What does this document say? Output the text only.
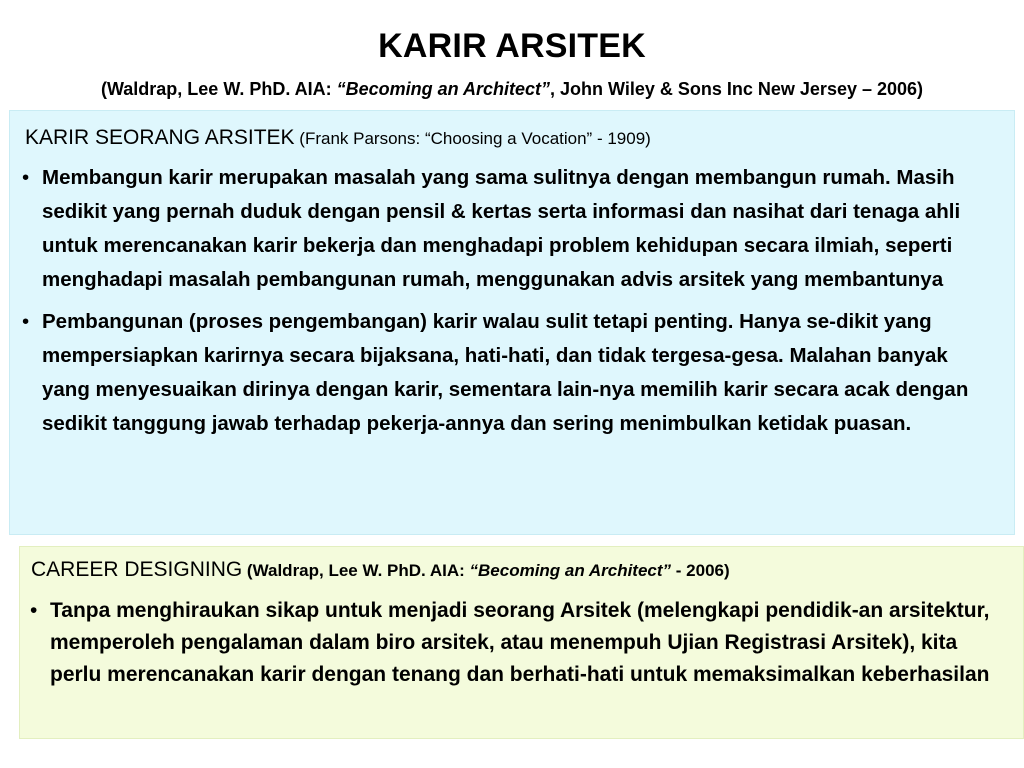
KARIR ARSITEK
(Waldrap, Lee W. PhD. AIA: “Becoming an Architect”, John Wiley & Sons Inc New Jersey – 2006)
KARIR SEORANG ARSITEK (Frank Parsons: “Choosing a Vocation” - 1909)
• Membangun karir merupakan masalah yang sama sulitnya dengan membangun rumah. Masih sedikit yang pernah duduk dengan pensil & kertas serta informasi dan nasihat dari tenaga ahli untuk merencanakan karir bekerja dan menghadapi problem kehidupan secara ilmiah, seperti menghadapi masalah pembangunan rumah, menggunakan advis arsitek yang membantunya
• Pembangunan (proses pengembangan) karir walau sulit tetapi penting. Hanya se-dikit yang mempersiapkan karirnya secara bijaksana, hati-hati, dan tidak tergesa-gesa. Malahan banyak yang menyesuaikan dirinya dengan karir, sementara lain-nya memilih karir secara acak dengan sedikit tanggung jawab terhadap pekerja-annya dan sering menimbulkan ketidak puasan.
CAREER DESIGNING (Waldrap, Lee W. PhD. AIA: “Becoming an Architect” - 2006)
• Tanpa menghiraukan sikap untuk menjadi seorang Arsitek (melengkapi pendidik-an arsitektur, memperoleh pengalaman dalam biro arsitek, atau menempuh Ujian Registrasi Arsitek), kita perlu merencanakan karir dengan tenang dan berhati-hati untuk memaksimalkan keberhasilan
